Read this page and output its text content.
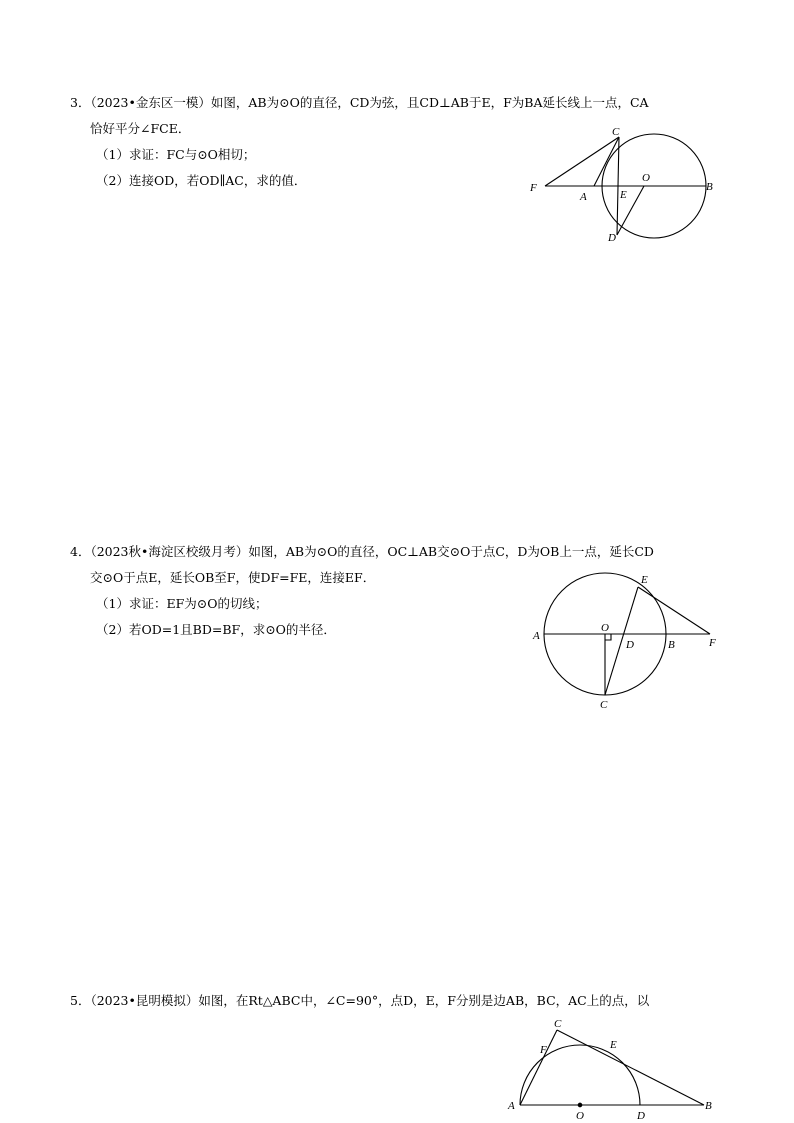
3．（2023•金东区一模）如图，AB为⊙O的直径，CD为弦，且CD⊥AB于E，F为BA延长线上一点，CA
恰好平分∠FCE．
（1）求证：FC与⊙O相切；
（2）连接OD，若OD∥AC，求的值．
C
F
A	E
O
B
D
4．（2023秋•海淀区校级月考）如图，AB为⊙O的直径，OC⊥AB交⊙O于点C，D为OB上一点，延长CD
交⊙O于点E，延长OB至F，使DF=FE，连接EF．
（1）求证：EF为⊙O的切线；
（2）若OD=1且BD=BF，求⊙O的半径．
E
O
A
D	B	F
C
5．（2023•昆明模拟）如图，在Rt△ABC中，∠C=90°，点D，E，F分别是边AB，BC，AC上的点，以
C
F	E
A
O	D
B
